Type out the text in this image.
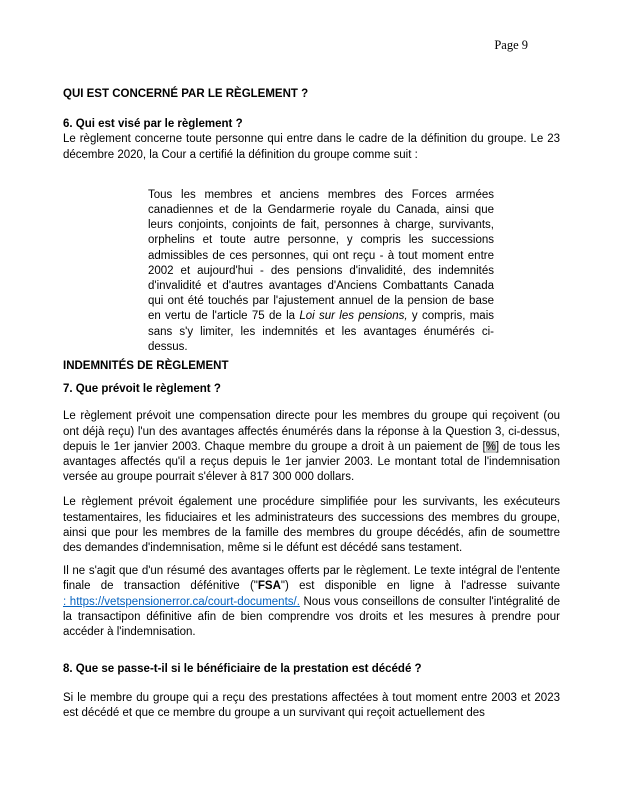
Page 9
QUI EST CONCERNÉ PAR LE RÈGLEMENT ?
6. Qui est visé par le règlement ?

Le règlement concerne toute personne qui entre dans le cadre de la définition du groupe. Le 23 décembre 2020, la Cour a certifié la définition du groupe comme suit :

Tous les membres et anciens membres des Forces armées canadiennes et de la Gendarmerie royale du Canada, ainsi que leurs conjoints, conjoints de fait, personnes à charge, survivants, orphelins et toute autre personne, y compris les successions admissibles de ces personnes, qui ont reçu - à tout moment entre 2002 et aujourd'hui - des pensions d'invalidité, des indemnités d'invalidité et d'autres avantages d'Anciens Combattants Canada qui ont été touchés par l'ajustement annuel de la pension de base en vertu de l'article 75 de la Loi sur les pensions, y compris, mais sans s'y limiter, les indemnités et les avantages énumérés ci-dessus.
INDEMNITÉS DE RÈGLEMENT
7. Que prévoit le règlement ?

Le règlement prévoit une compensation directe pour les membres du groupe qui reçoivent (ou ont déjà reçu) l'un des avantages affectés énumérés dans la réponse à la Question 3, ci-dessus, depuis le 1er janvier 2003. Chaque membre du groupe a droit à un paiement de [%] de tous les avantages affectés qu'il a reçus depuis le 1er janvier 2003. Le montant total de l'indemnisation versée au groupe pourrait s'élever à 817 300 000 dollars.

Le règlement prévoit également une procédure simplifiée pour les survivants, les exécuteurs testamentaires, les fiduciaires et les administrateurs des successions des membres du groupe, ainsi que pour les membres de la famille des membres du groupe décédés, afin de soumettre des demandes d'indemnisation, même si le défunt est décédé sans testament.

Il ne s'agit que d'un résumé des avantages offerts par le règlement. Le texte intégral de l'entente finale de transaction défénitive ("FSA") est disponible en ligne à l'adresse suivante : https://vetspensionerror.ca/court-documents/. Nous vous conseillons de consulter l'intégralité de la transactipon définitive afin de bien comprendre vos droits et les mesures à prendre pour accéder à l'indemnisation.

8. Que se passe-t-il si le bénéficiaire de la prestation est décédé ?

Si le membre du groupe qui a reçu des prestations affectées à tout moment entre 2003 et 2023 est décédé et que ce membre du groupe a un survivant qui reçoit actuellement des
